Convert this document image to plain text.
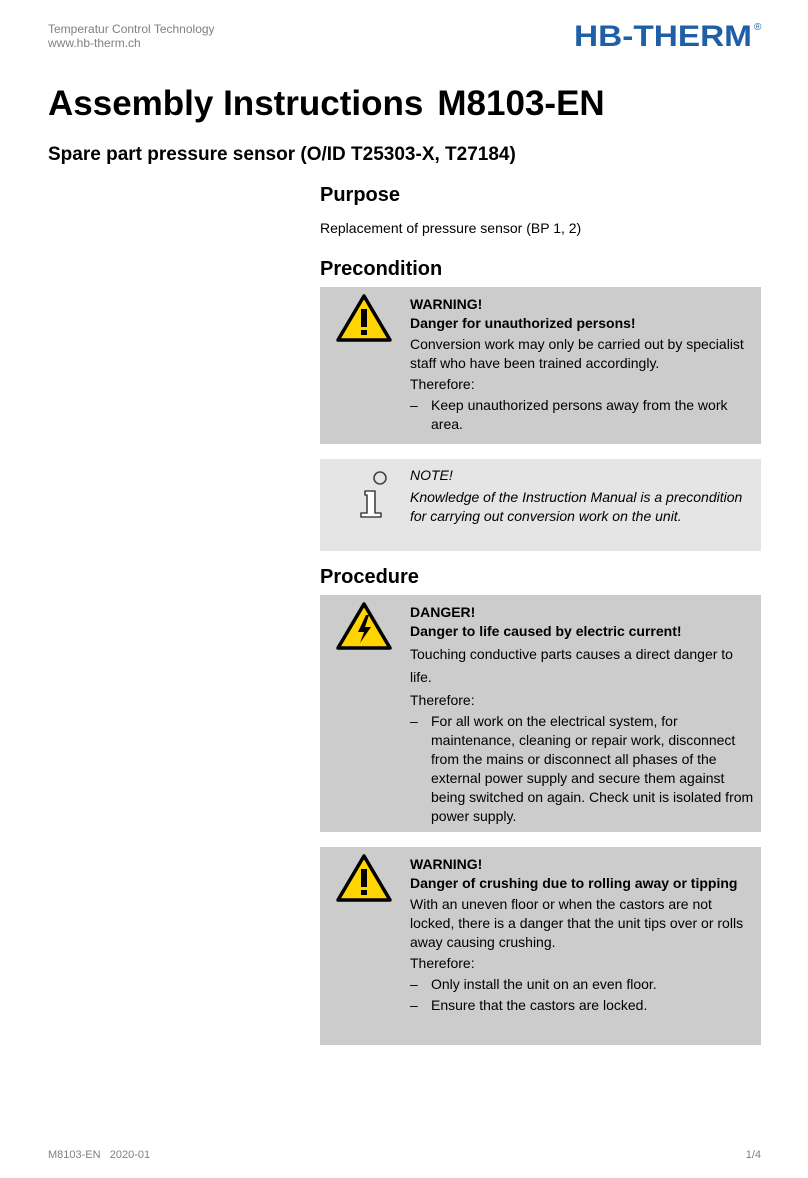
Temperatur Control Technology
www.hb-therm.ch	HB-THERM ®
Assembly Instructions M8103-EN
Spare part pressure sensor (O/ID T25303-X, T27184)
Purpose
Replacement of pressure sensor (BP 1, 2)
Precondition
WARNING!
Danger for unauthorized persons!
Conversion work may only be carried out by specialist staff who have been trained accordingly.
Therefore:
– Keep unauthorized persons away from the work area.
NOTE!
Knowledge of the Instruction Manual is a precondition for carrying out conversion work on the unit.
Procedure
DANGER!
Danger to life caused by electric current!
Touching conductive parts causes a direct danger to life.
Therefore:
– For all work on the electrical system, for maintenance, cleaning or repair work, disconnect from the mains or disconnect all phases of the external power supply and secure them against being switched on again. Check unit is isolated from power supply.
WARNING!
Danger of crushing due to rolling away or tipping
With an uneven floor or when the castors are not locked, there is a danger that the unit tips over or rolls away causing crushing.
Therefore:
– Only install the unit on an even floor.
– Ensure that the castors are locked.
M8103-EN 2020-01	1/4
